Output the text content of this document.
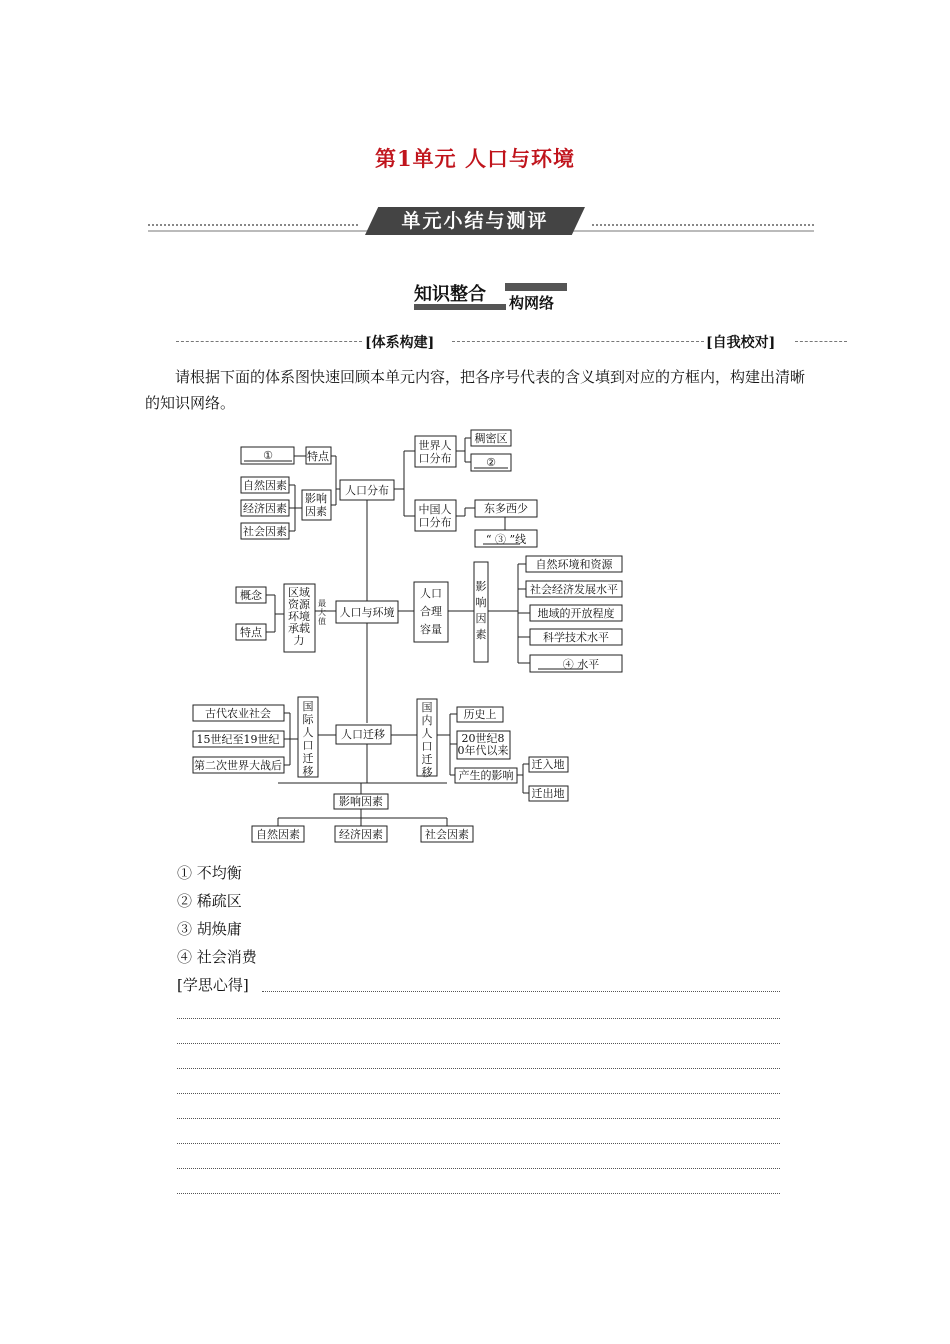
第1单元 人口与环境
单元小结与测评
知识整合 构网络
[体系构建]	[自我校对]
请根据下面的体系图快速回顾本单元内容，把各序号代表的含义填到对应的方框内，构建出清晰的知识网络。
①	特点
自然因素
经济因素
社会因素
影响因素
人口分布
世界人口分布
稠密区
②
中国人口分布
东多西少
“ ③ ”线
概念
特点
区域资源环境承载力
最大值
人口与环境
人口合理容量
影响因素
自然环境和资源
社会经济发展水平
地域的开放程度
科学技术水平
④ 水平
古代农业社会
15世纪至19世纪
第二次世界大战后
国际人口迁移
人口迁移
国内人口迁移
历史上
20世纪8 0年代以来
产生的影响
迁入地
迁出地
影响因素
自然因素	经济因素	社会因素
① 不均衡
② 稀疏区
③ 胡焕庸
④ 社会消费
[学思心得]
